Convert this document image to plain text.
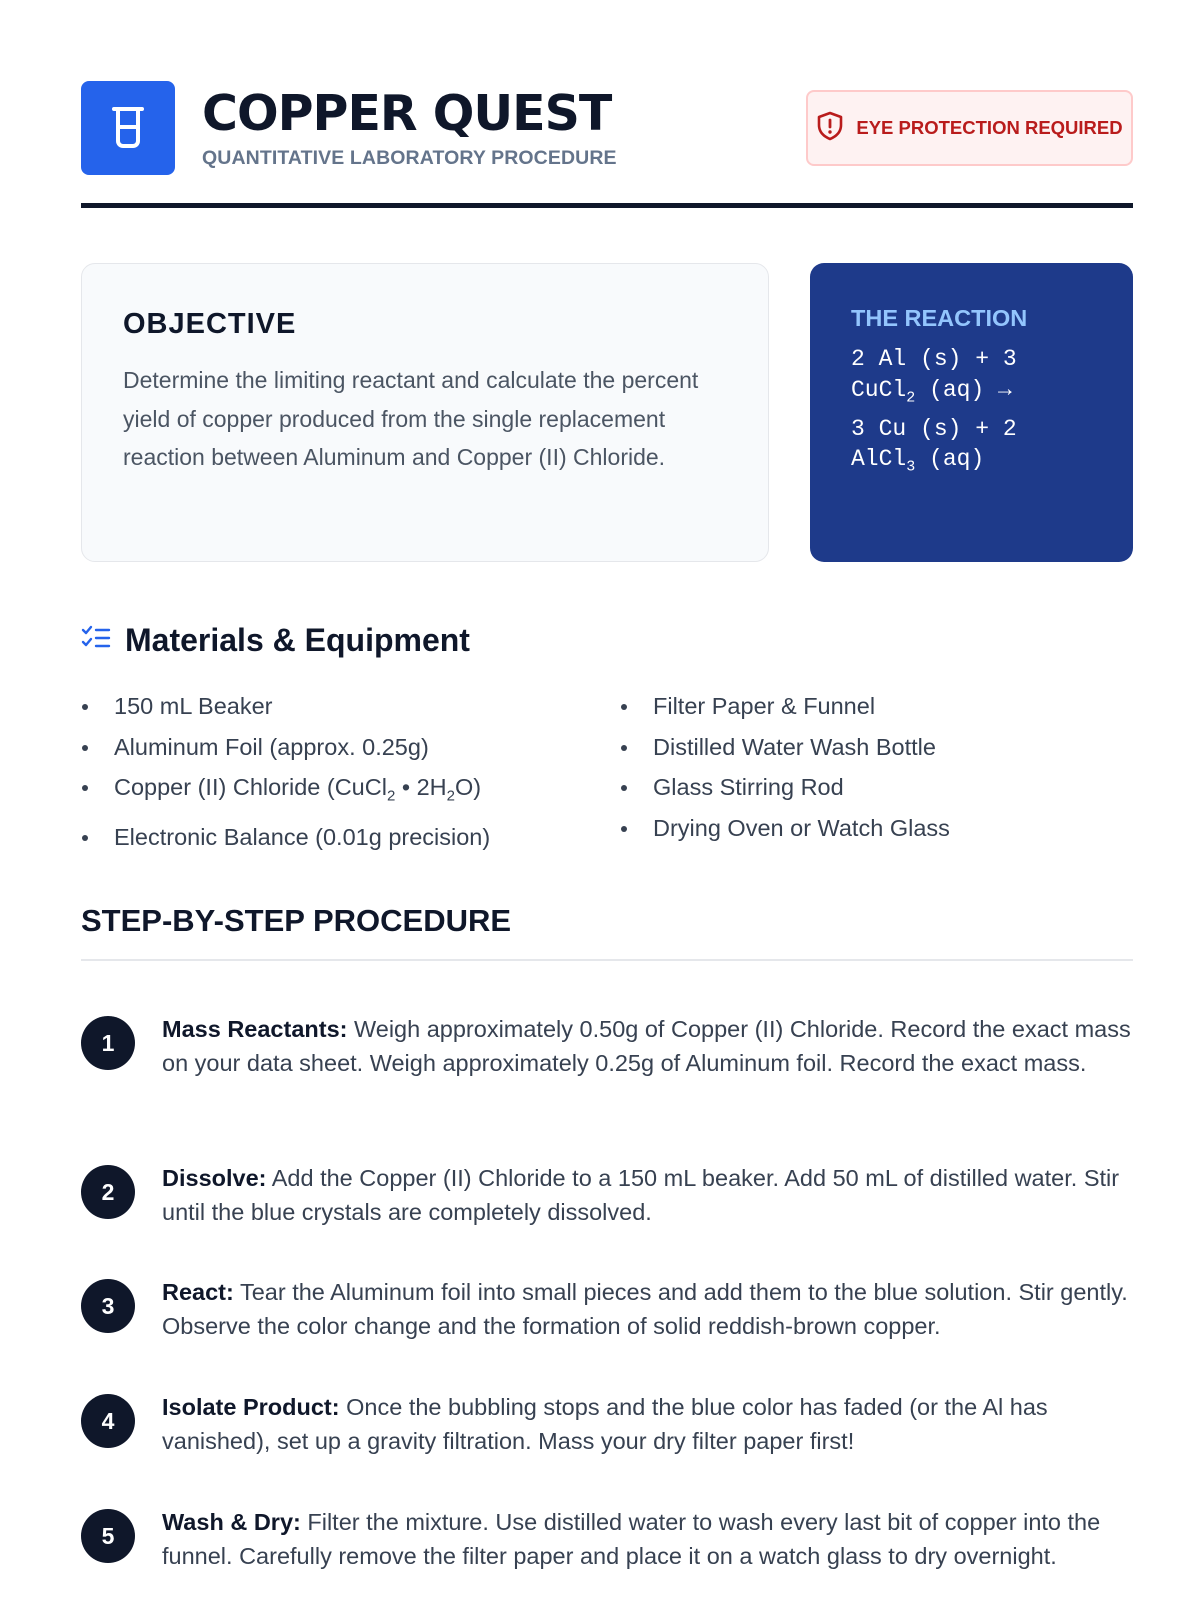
COPPER QUEST
QUANTITATIVE LABORATORY PROCEDURE
EYE PROTECTION REQUIRED
OBJECTIVE

Determine the limiting reactant and calculate the percent yield of copper produced from the single replacement reaction between Aluminum and Copper (II) Chloride.

THE REACTION
2 Al (s) + 3
CuCl$_2$ (aq) →
3 Cu (s) + 2
AlCl$_3$ (aq)
Materials & Equipment
150 mL Beaker
Aluminum Foil (approx. 0.25g)
Copper (II) Chloride (CuCl$_2$ • $2H_2O$)
Electronic Balance (0.01g precision)
Filter Paper & Funnel
Distilled Water Wash Bottle
Glass Stirring Rod
Drying Oven or Watch Glass
STEP-BY-STEP PROCEDURE
1
Mass Reactants: Weigh approximately 0.50g of Copper (II) Chloride. Record the exact mass on your data sheet. Weigh approximately 0.25g of Aluminum foil. Record the exact mass.
2
Dissolve: Add the Copper (II) Chloride to a 150 mL beaker. Add 50 mL of distilled water. Stir until the blue crystals are completely dissolved.
3
React: Tear the Aluminum foil into small pieces and add them to the blue solution. Stir gently. Observe the color change and the formation of solid reddish-brown copper.
4
Isolate Product: Once the bubbling stops and the blue color has faded (or the Al has vanished), set up a gravity filtration. Mass your dry filter paper first!
5
Wash & Dry: Filter the mixture. Use distilled water to wash every last bit of copper into the funnel. Carefully remove the filter paper and place it on a watch glass to dry overnight.
